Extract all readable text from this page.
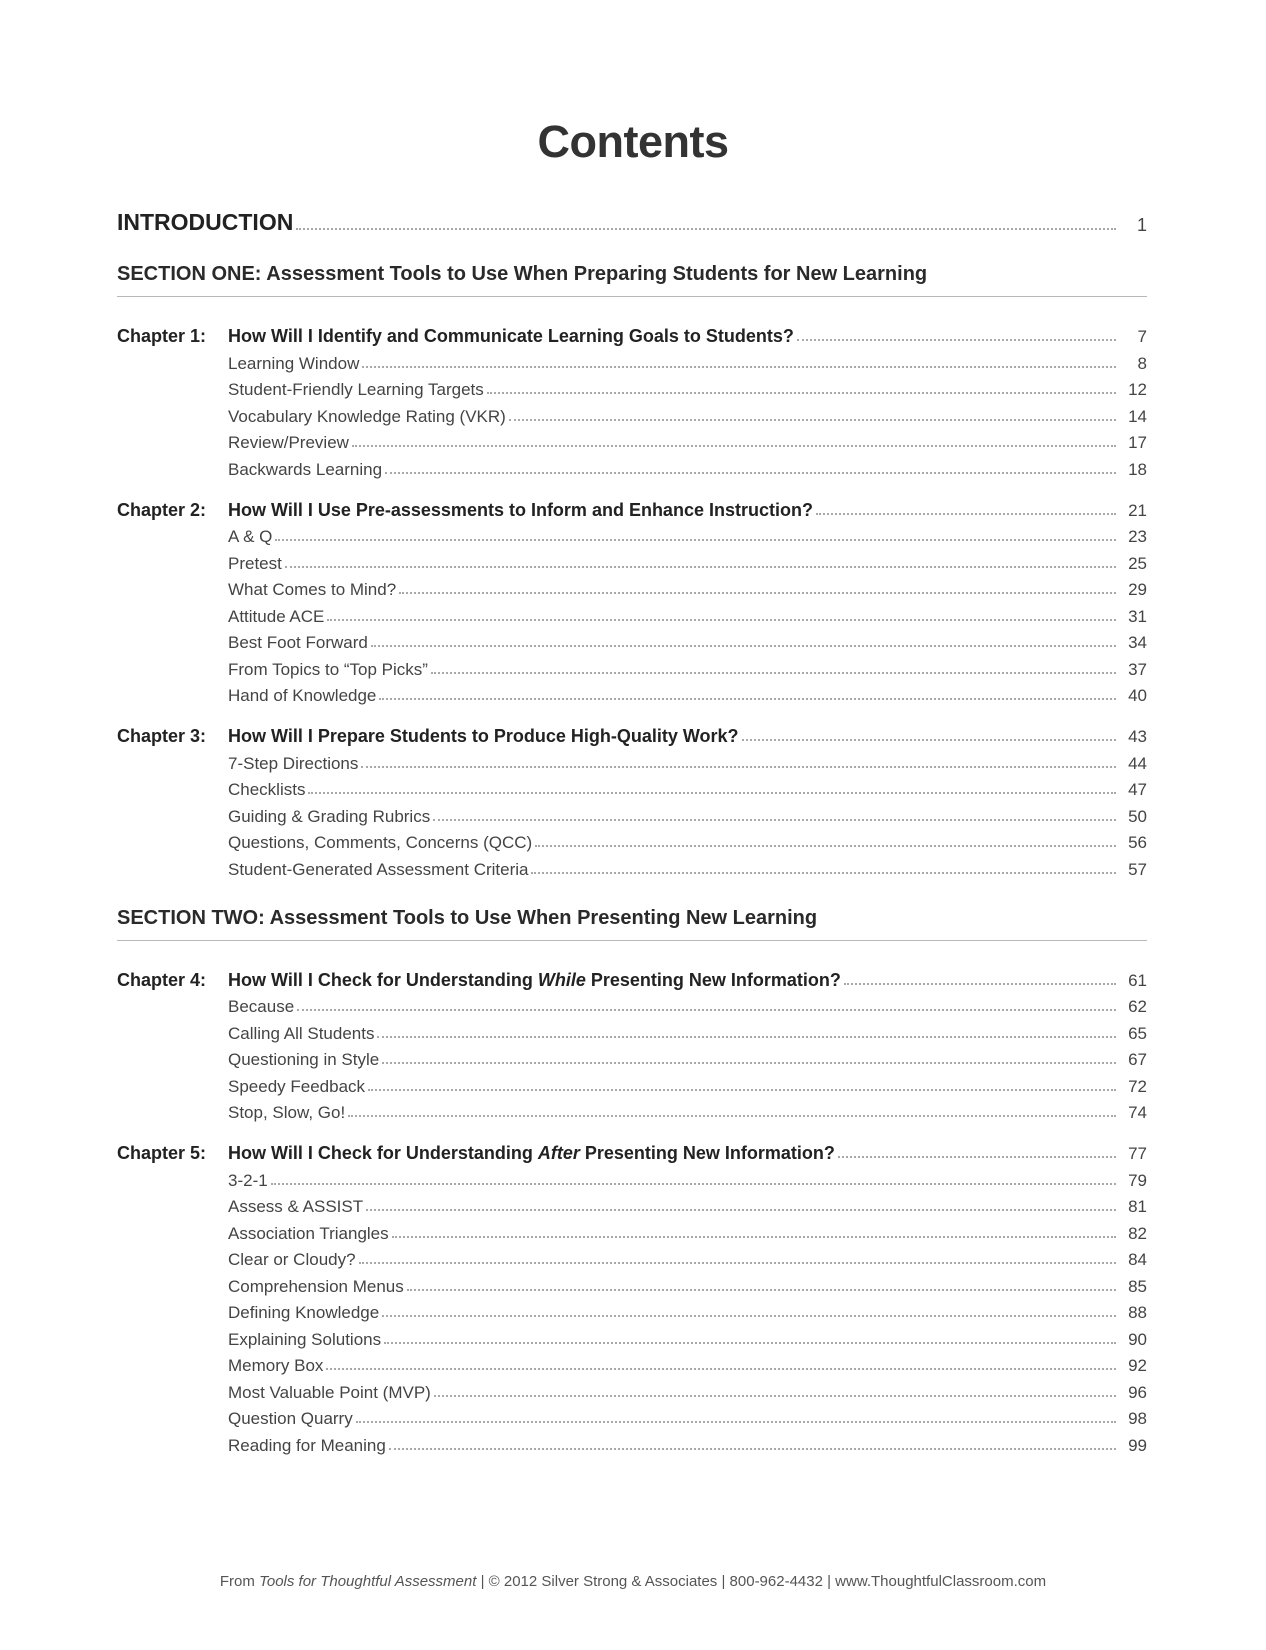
Contents
INTRODUCTION	1
SECTION ONE: Assessment Tools to Use When Preparing Students for New Learning
Chapter 1:	How Will I Identify and Communicate Learning Goals to Students?	7
Learning Window	8
Student-Friendly Learning Targets	12
Vocabulary Knowledge Rating (VKR)	14
Review/Preview	17
Backwards Learning	18
Chapter 2:	How Will I Use Pre-assessments to Inform and Enhance Instruction?	21
A & Q	23
Pretest	25
What Comes to Mind?	29
Attitude ACE	31
Best Foot Forward	34
From Topics to “Top Picks”	37
Hand of Knowledge	40
Chapter 3:	How Will I Prepare Students to Produce High-Quality Work?	43
7-Step Directions	44
Checklists	47
Guiding & Grading Rubrics	50
Questions, Comments, Concerns (QCC)	56
Student-Generated Assessment Criteria	57
SECTION TWO: Assessment Tools to Use When Presenting New Learning
Chapter 4:	How Will I Check for Understanding While Presenting New Information?	61
Because	62
Calling All Students	65
Questioning in Style	67
Speedy Feedback	72
Stop, Slow, Go!	74
Chapter 5:	How Will I Check for Understanding After Presenting New Information?	77
3-2-1	79
Assess & ASSIST	81
Association Triangles	82
Clear or Cloudy?	84
Comprehension Menus	85
Defining Knowledge	88
Explaining Solutions	90
Memory Box	92
Most Valuable Point (MVP)	96
Question Quarry	98
Reading for Meaning	99
From Tools for Thoughtful Assessment | © 2012 Silver Strong & Associates | 800-962-4432 | www.ThoughtfulClassroom.com
